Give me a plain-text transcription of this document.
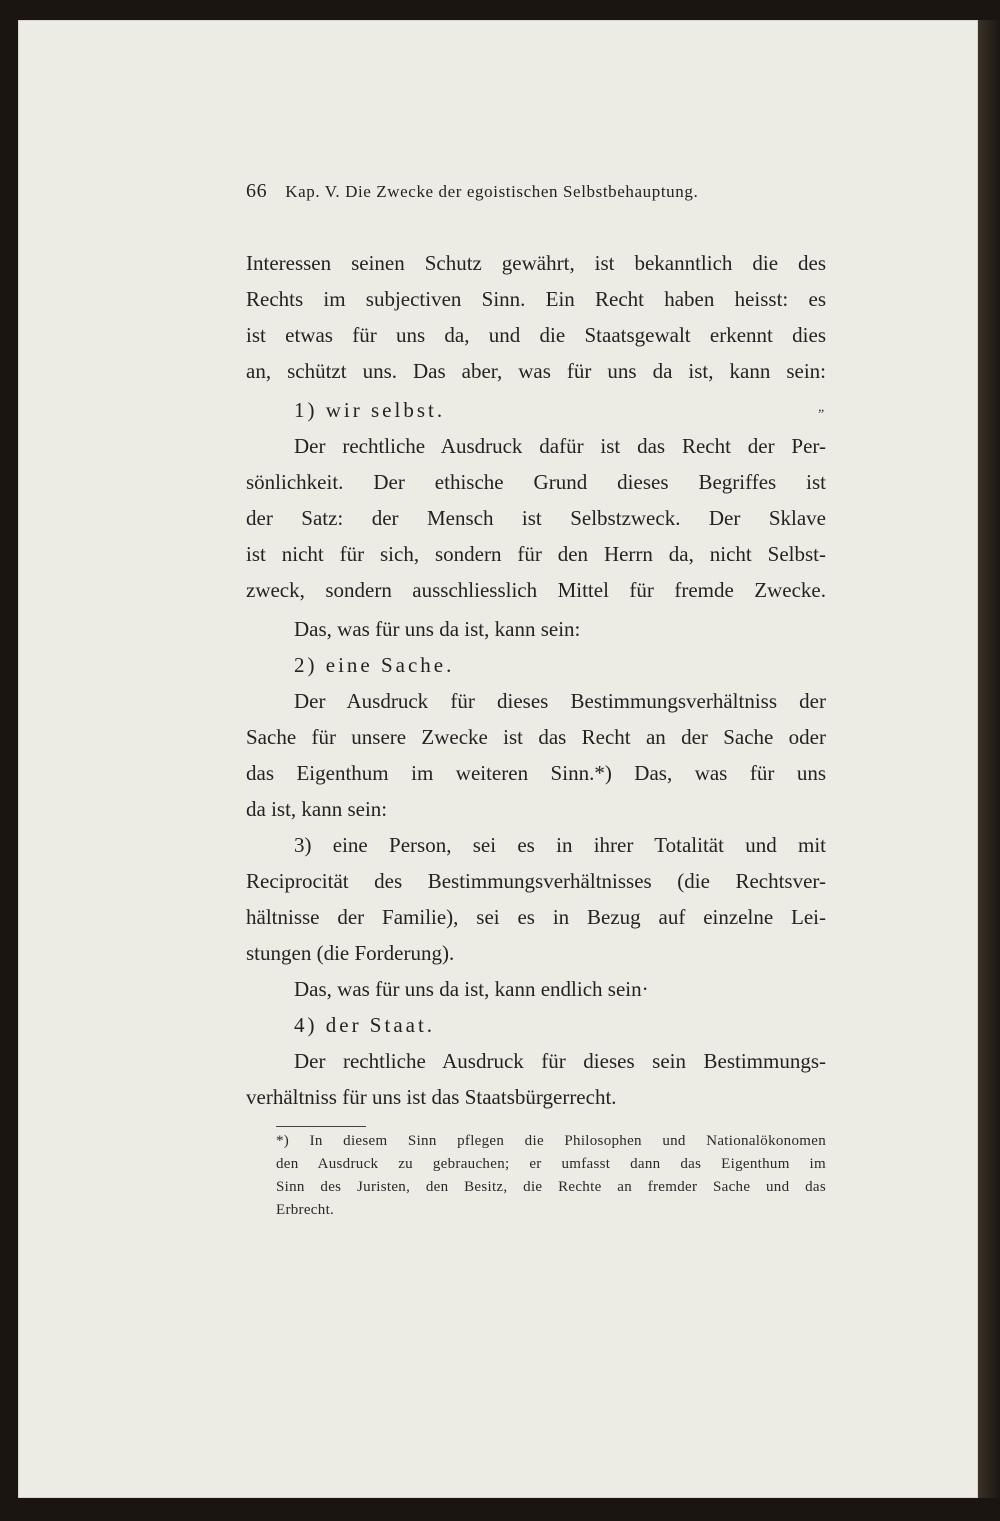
66 Kap. V. Die Zwecke der egoistischen Selbstbehauptung.
Interessen seinen Schutz gewährt, ist bekanntlich die des
Rechts im subjectiven Sinn. Ein Recht haben heisst: es
ist etwas für uns da, und die Staatsgewalt erkennt dies
an, schützt uns. Das aber, was für uns da ist, kann sein:
1) wir selbst.
Der rechtliche Ausdruck dafür ist das Recht der Per-
sönlichkeit. Der ethische Grund dieses Begriffes ist
der Satz: der Mensch ist Selbstzweck. Der Sklave
ist nicht für sich, sondern für den Herrn da, nicht Selbst-
zweck, sondern ausschliesslich Mittel für fremde Zwecke.
Das, was für uns da ist, kann sein:
2) eine Sache.
Der Ausdruck für dieses Bestimmungsverhältniss der
Sache für unsere Zwecke ist das Recht an der Sache oder
das Eigenthum im weiteren Sinn.*) Das, was für uns
da ist, kann sein:
3) eine Person, sei es in ihrer Totalität und mit
Reciprocität des Bestimmungsverhältnisses (die Rechtsver-
hältnisse der Familie), sei es in Bezug auf einzelne Lei-
stungen (die Forderung).
Das, was für uns da ist, kann endlich sein·
4) der Staat.
Der rechtliche Ausdruck für dieses sein Bestimmungs-
verhältniss für uns ist das Staatsbürgerrecht.
*) In diesem Sinn pflegen die Philosophen und Nationalökonomen
den Ausdruck zu gebrauchen; er umfasst dann das Eigenthum im
Sinn des Juristen, den Besitz, die Rechte an fremder Sache und das
Erbrecht.
„
